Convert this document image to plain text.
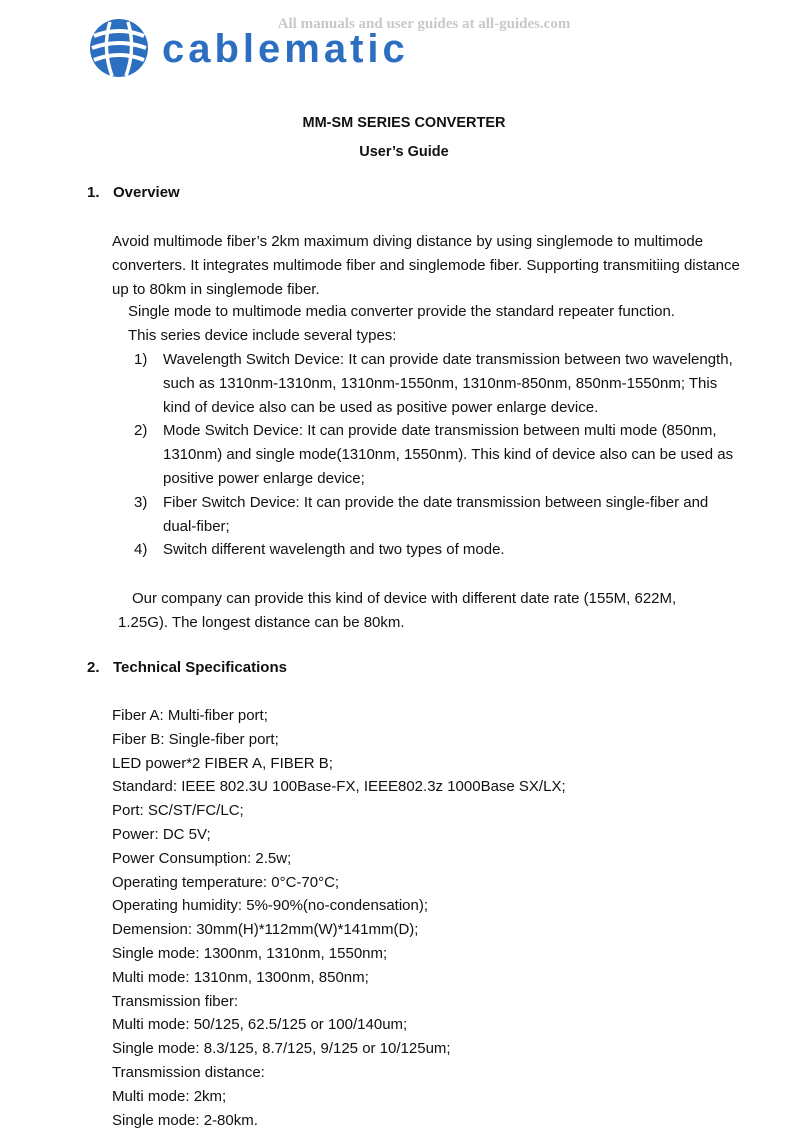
All manuals and user guides at all-guides.com
cablematic
MM-SM SERIES CONVERTER
User’s Guide
1. Overview
Avoid multimode fiber’s 2km maximum diving distance by using singlemode to multimode converters. It integrates multimode fiber and singlemode fiber. Supporting transmitiing distance up to 80km in singlemode fiber.
Single mode to multimode media converter provide the standard repeater function.
This series device include several types:
1) Wavelength Switch Device: It can provide date transmission between two wavelength, such as 1310nm-1310nm, 1310nm-1550nm, 1310nm-850nm, 850nm-1550nm; This kind of device also can be used as positive power enlarge device.
2) Mode Switch Device: It can provide date transmission between multi mode (850nm, 1310nm) and single mode(1310nm, 1550nm). This kind of device also can be used as positive power enlarge device;
3) Fiber Switch Device: It can provide the date transmission between single-fiber and dual-fiber;
4) Switch different wavelength and two types of mode.
Our company can provide this kind of device with different date rate (155M, 622M, 1.25G). The longest distance can be 80km.
2. Technical Specifications
Fiber A: Multi-fiber port;
Fiber B: Single-fiber port;
LED power*2 FIBER A, FIBER B;
Standard: IEEE 802.3U 100Base-FX, IEEE802.3z 1000Base SX/LX;
Port: SC/ST/FC/LC;
Power: DC 5V;
Power Consumption: 2.5w;
Operating temperature: 0°C-70°C;
Operating humidity: 5%-90%(no-condensation);
Demension: 30mm(H)*112mm(W)*141mm(D);
Single mode: 1300nm, 1310nm, 1550nm;
Multi mode: 1310nm, 1300nm, 850nm;
Transmission fiber:
Multi mode: 50/125, 62.5/125 or 100/140um;
Single mode: 8.3/125, 8.7/125, 9/125 or 10/125um;
Transmission distance:
Multi mode: 2km;
Single mode: 2-80km.
